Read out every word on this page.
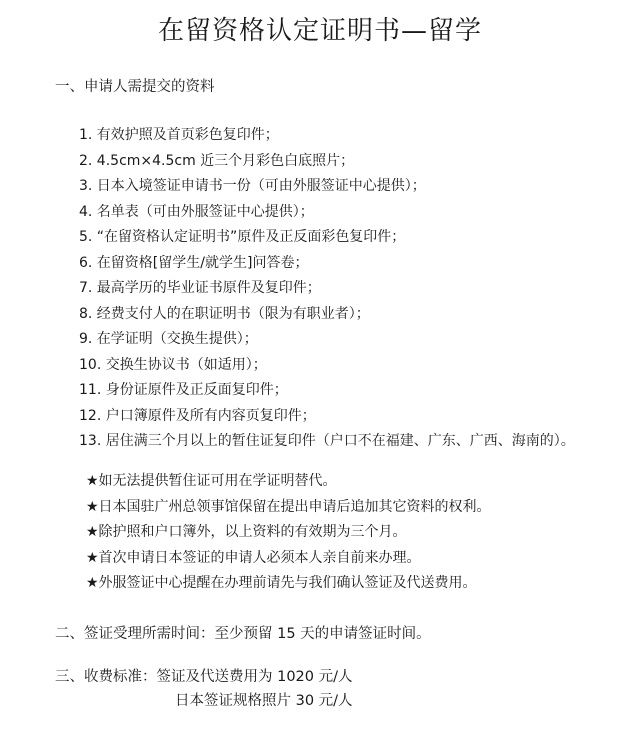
在留资格认定证明书—留学

一、申请人需提交的资料

1. 有效护照及首页彩色复印件；
2. 4.5cm×4.5cm 近三个月彩色白底照片；
3. 日本入境签证申请书一份（可由外服签证中心提供）；
4. 名单表（可由外服签证中心提供）；
5. “在留资格认定证明书”原件及正反面彩色复印件；
6. 在留资格[留学生/就学生]问答卷；
7. 最高学历的毕业证书原件及复印件；
8. 经费支付人的在职证明书（限为有职业者）；
9. 在学证明（交换生提供）；
10. 交换生协议书（如适用）；
11. 身份证原件及正反面复印件；
12. 户口簿原件及所有内容页复印件；
13. 居住满三个月以上的暂住证复印件（户口不在福建、广东、广西、海南的）。
★如无法提供暂住证可用在学证明替代。
★日本国驻广州总领事馆保留在提出申请后追加其它资料的权利。
★除护照和户口簿外，以上资料的有效期为三个月。
★首次申请日本签证的申请人必须本人亲自前来办理。
★外服签证中心提醒在办理前请先与我们确认签证及代送费用。

二、签证受理所需时间：至少预留 15 天的申请签证时间。

三、收费标准：签证及代送费用为 1020 元/人

日本签证规格照片 30 元/人
